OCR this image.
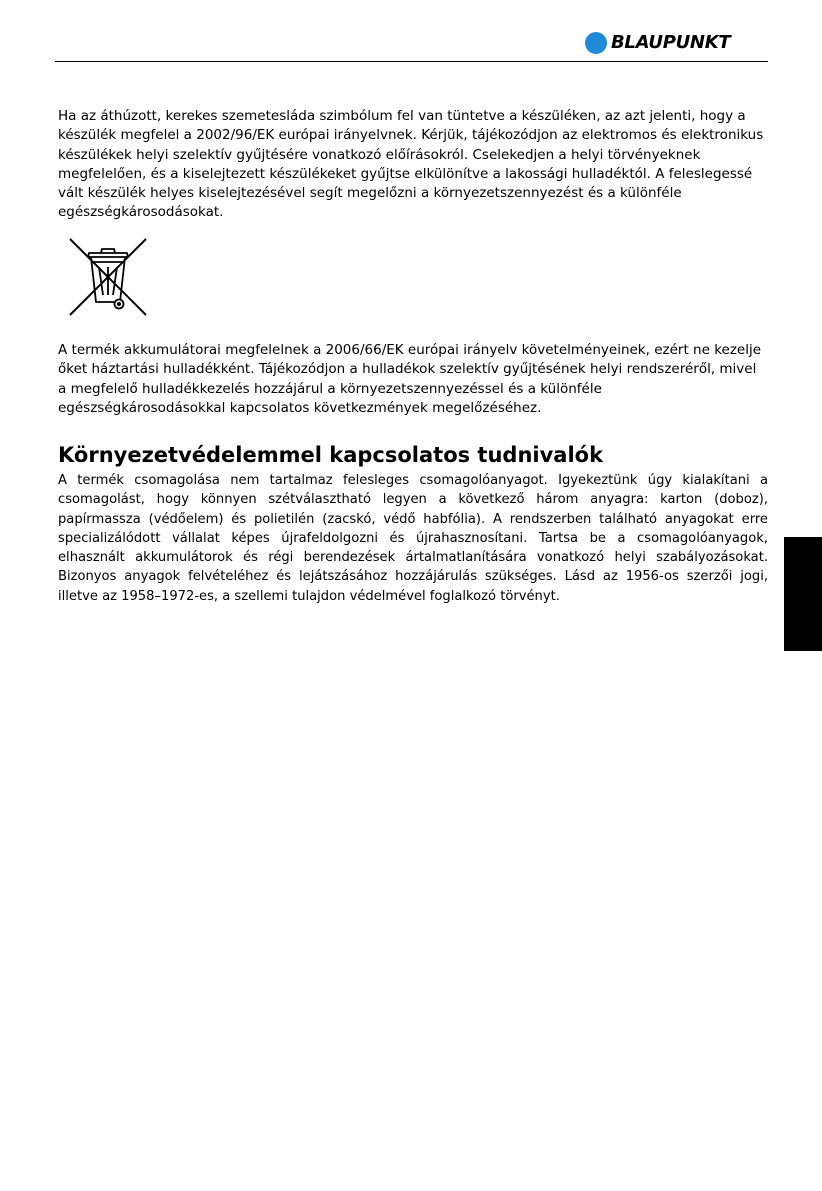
BLAUPUNKT

Ha az áthúzott, kerekes szemetesláda szimbólum fel van tüntetve a készüléken, az azt jelenti, hogy a készülék megfelel a 2002/96/EK európai irányelvnek. Kérjük, tájékozódjon az elektromos és elektronikus készülékek helyi szelektív gyűjtésére vonatkozó előírásokról. Cselekedjen a helyi törvényeknek megfelelően, és a kiselejtezett készülékeket gyűjtse elkülönítve a lakossági hulladéktól. A feleslegessé vált készülék helyes kiselejtezésével segít megelőzni a környezetszennyezést és a különféle egészségkárosodásokat.

A termék akkumulátorai megfelelnek a 2006/66/EK európai irányelv követelményeinek, ezért ne kezelje őket háztartási hulladékként. Tájékozódjon a hulladékok szelektív gyűjtésének helyi rendszeréről, mivel a megfelelő hulladékkezelés hozzájárul a környezetszennyezéssel és a különféle egészségkárosodásokkal kapcsolatos következmények megelőzéséhez.

Környezetvédelemmel kapcsolatos tudnivalók

A termék csomagolása nem tartalmaz felesleges csomagolóanyagot. Igyekeztünk úgy kialakítani a csomagolást, hogy könnyen szétválasztható legyen a következő három anyagra: karton (doboz), papírmassza (védőelem) és polietilén (zacskó, védő habfólia). A rendszerben található anyagokat erre specializálódott vállalat képes újrafeldolgozni és újrahasznosítani. Tartsa be a csomagolóanyagok, elhasznált akkumulátorok és régi berendezések ártalmatlanítására vonatkozó helyi szabályozásokat. Bizonyos anyagok felvételéhez és lejátszásához hozzájárulás szükséges. Lásd az 1956-os szerzői jogi, illetve az 1958–1972-es, a szellemi tulajdon védelmével foglalkozó törvényt.
